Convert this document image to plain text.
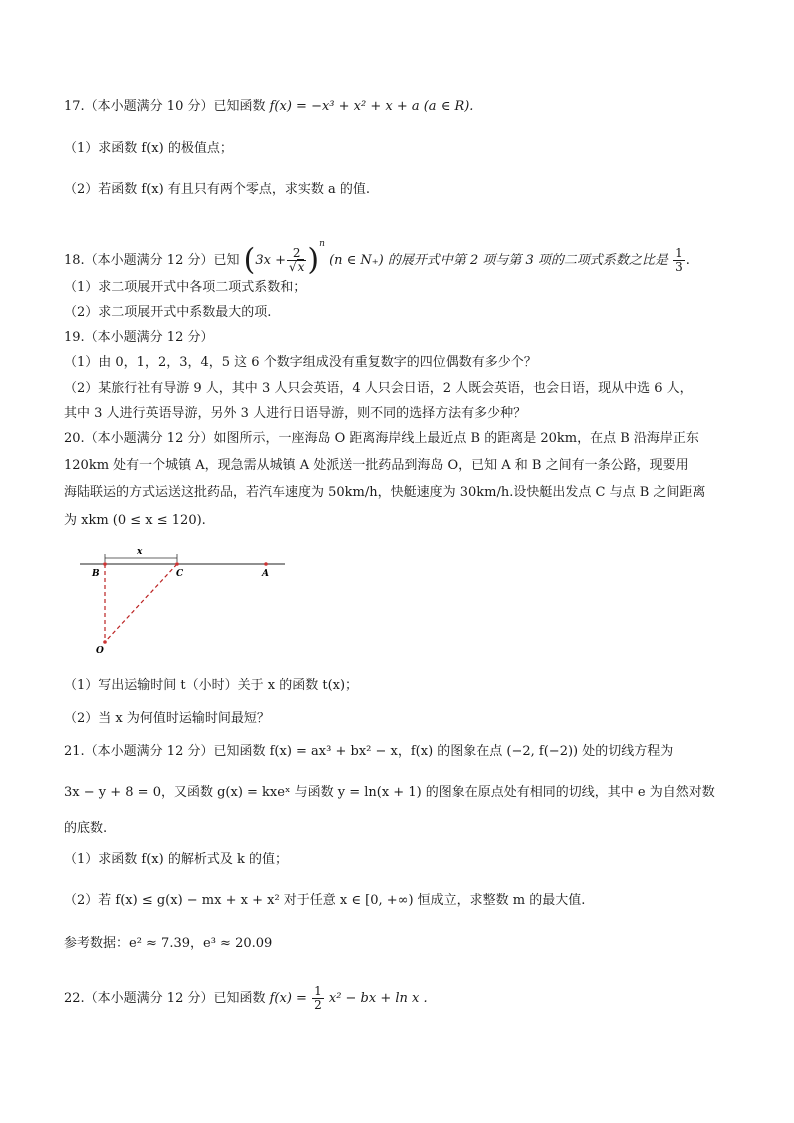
17.（本小题满分 10 分）已知函数 f(x) = −x³ + x² + x + a (a ∈ R).
（1）求函数 f(x) 的极值点；
（2）若函数 f(x) 有且只有两个零点，求实数 a 的值.
18.（本小题满分 12 分）已知 $(3x + \frac{2}{√x} )^n$ (n ∈ N₊) 的展开式中第 2 项与第 3 项的二项式系数之比是 $\frac{1}{3}$ .
（1）求二项展开式中各项二项式系数和；
（2）求二项展开式中系数最大的项.
19.（本小题满分 12 分）
（1）由 0，1，2，3，4，5 这 6 个数字组成没有重复数字的四位偶数有多少个？
（2）某旅行社有导游 9 人，其中 3 人只会英语，4 人只会日语，2 人既会英语，也会日语，现从中选 6 人，
其中 3 人进行英语导游，另外 3 人进行日语导游，则不同的选择方法有多少种？
20.（本小题满分 12 分）如图所示，一座海岛 O 距离海岸线上最近点 B 的距离是 20km，在点 B 沿海岸正东
120km 处有一个城镇 A，现急需从城镇 A 处派送一批药品到海岛 O，已知 A 和 B 之间有一条公路，现要用
海陆联运的方式运送这批药品，若汽车速度为 50km/h，快艇速度为 30km/h.设快艇出发点 C 与点 B 之间距离
为 xkm (0 ≤ x ≤ 120).
x
B	C	A
O
（1）写出运输时间 t（小时）关于 x 的函数 t(x)；
（2）当 x 为何值时运输时间最短？
21.（本小题满分 12 分）已知函数 f(x) = ax³ + bx² − x，f(x) 的图象在点 (−2, f(−2)) 处的切线方程为
3x − y + 8 = 0，又函数 g(x) = kxeˣ 与函数 y = ln(x + 1) 的图象在原点处有相同的切线，其中 e 为自然对数
的底数.
（1）求函数 f(x) 的解析式及 k 的值；
（2）若 f(x) ≤ g(x) − mx + x + x² 对于任意 x ∈ [0, +∞) 恒成立，求整数 m 的最大值.
参考数据：e² ≈ 7.39，e³ ≈ 20.09
22.（本小题满分 12 分）已知函数 $f(x) = \frac{1}{2} x^2$ − bx + ln x .
